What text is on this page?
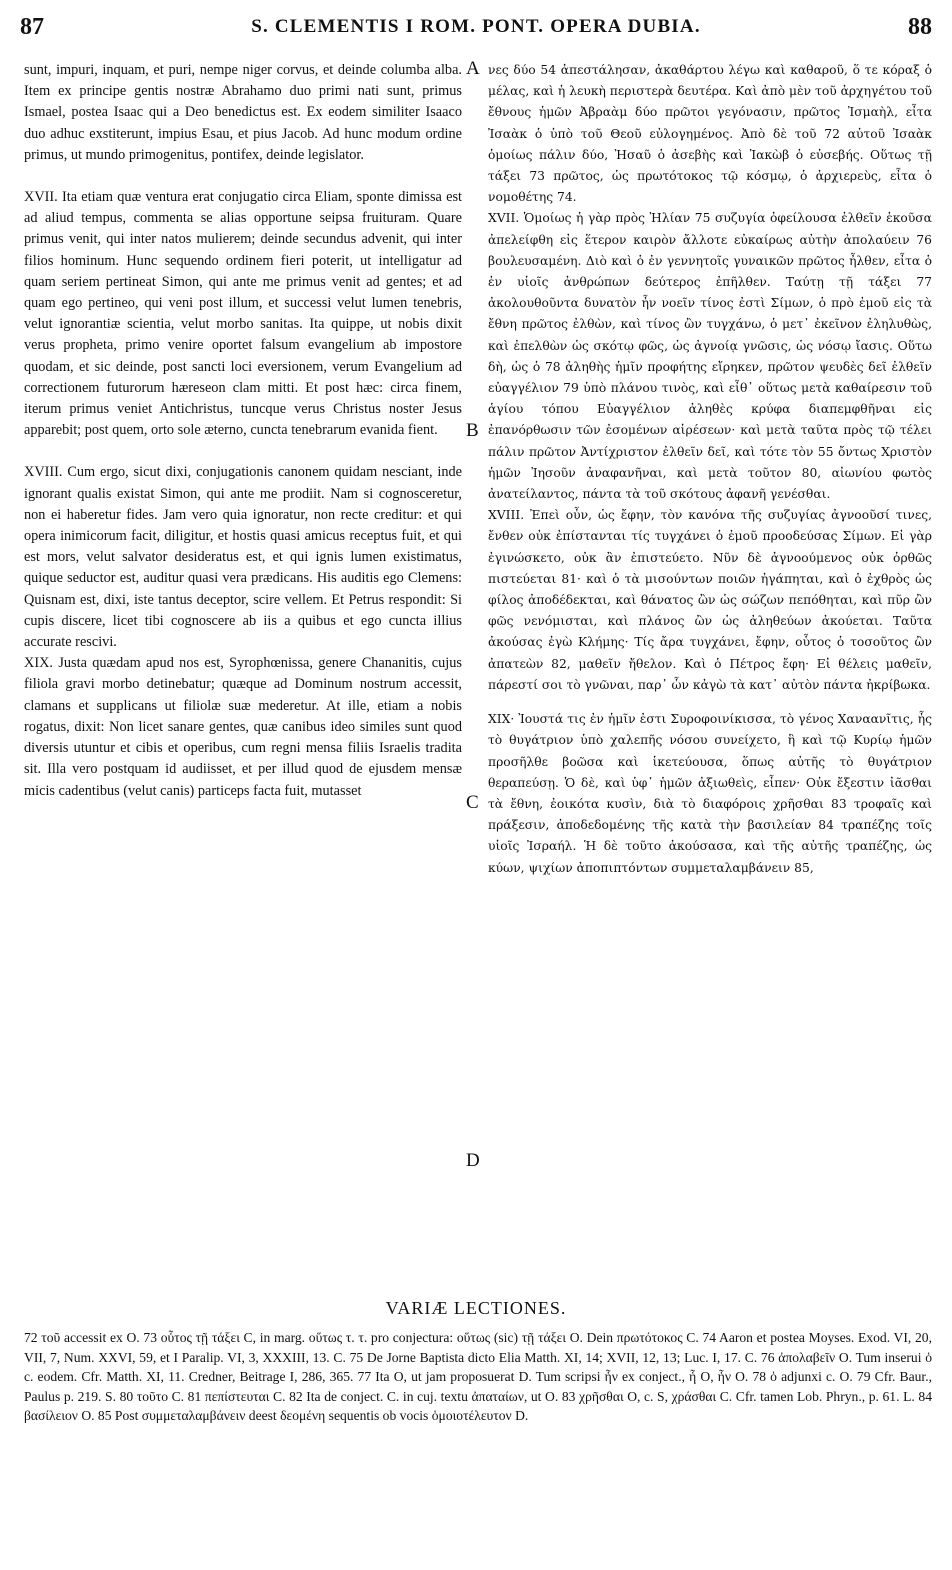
87	S. CLEMENTIS I ROM. PONT. OPERA DUBIA.	88

sunt, impuri, inquam, et puri, nempe niger corvus, et deinde columba alba. Item ex principe gentis nostræ Abrahamo duo primi nati sunt, primus Ismael, postea Isaac qui a Deo benedictus est. Ex eodem similiter Isaaco duo adhuc exstiterunt, impius Esau, et pius Jacob. Ad hunc modum ordine primus, ut mundo primogenitus, pontifex, deinde legislator.

XVII. Ita etiam quæ ventura erat conjugatio circa Eliam, sponte dimissa est ad aliud tempus, commenta se alias opportune seipsa fruituram. Quare primus venit, qui inter natos mulierem; deinde secundus advenit, qui inter filios hominum. Hunc sequendo ordinem fieri poterit, ut intelligatur ad quam seriem pertineat Simon, qui ante me primus venit ad gentes; et ad quam ego pertineo, qui veni post illum, et successi velut lumen tenebris, velut ignorantiæ scientia, velut morbo sanitas. Ita quippe, ut nobis dixit verus propheta, primo venire oportet falsum evangelium ab impostore quodam, et sic deinde, post sancti loci eversionem, verum Evangelium ad correctionem futurorum hæreseon clam mitti. Et post hæc: circa finem, iterum primus veniet Antichristus, tuncque verus Christus noster Jesus apparebit; post quem, orto sole æterno, cuncta tenebrarum evanida fient.

XVIII. Cum ergo, sicut dixi, conjugationis canonem quidam nesciant, inde ignorant qualis existat Simon, qui ante me prodiit. Nam si cognosceretur, non ei haberetur fides. Jam vero quia ignoratur, non recte creditur: et qui opera inimicorum facit, diligitur, et hostis quasi amicus receptus fuit, et qui est mors, velut salvator desideratus est, et qui ignis lumen existimatus, quique seductor est, auditur quasi vera prædicans. His auditis ego Clemens: Quisnam est, dixi, iste tantus deceptor, scire vellem. Et Petrus respondit: Si cupis discere, licet tibi cognoscere ab iis a quibus et ego cuncta illius accurate rescivi.

XIX. Justa quædam apud nos est, Syrophœnissa, genere Chananitis, cujus filiola gravi morbo detinebatur; quæque ad Dominum nostrum accessit, clamans et supplicans ut filiolæ suæ mederetur. At ille, etiam a nobis rogatus, dixit: Non licet sanare gentes, quæ canibus ideo similes sunt quod diversis utuntur et cibis et operibus, cum regni mensa filiis Israelis tradita sit. Illa vero postquam id audiisset, et per illud quod de ejusdem mensæ micis cadentibus (velut canis) particeps facta fuit, mutasset

A
B
C
D

νες δύο 54 ἀπεστάλησαν, ἀκαθάρτου λέγω καὶ καθαροῦ, ὅ τε κόραξ ὁ μέλας, καὶ ἡ λευκὴ περιστερὰ δευτέρα. Καὶ ἀπὸ μὲν τοῦ ἀρχηγέτου τοῦ ἔθνους ἡμῶν Ἀβραὰμ δύο πρῶτοι γεγόνασιν, πρῶτος Ἰσμαὴλ, εἶτα Ἰσαὰκ ὁ ὑπὸ τοῦ Θεοῦ εὐλογημένος. Ἀπὸ δὲ τοῦ 72 αὐτοῦ Ἰσαὰκ ὁμοίως πάλιν δύο, Ἠσαῦ ὁ ἀσεβὴς καὶ Ἰακὼβ ὁ εὐσεβής. Οὕτως τῇ τάξει 73 πρῶτος, ὡς πρωτότοκος τῷ κόσμῳ, ὁ ἀρχιερεὺς, εἶτα ὁ νομοθέτης 74.

XVII. Ὁμοίως ἡ γὰρ πρὸς Ἠλίαν 75 συζυγία ὀφείλουσα ἐλθεῖν ἑκοῦσα ἀπελείφθη εἰς ἕτερον καιρὸν ἄλλοτε εὐκαίρως αὐτὴν ἀπολαύειν 76 βουλευσαμένη. Διὸ καὶ ὁ ἐν γεννητοῖς γυναικῶν πρῶτος ἦλθεν, εἶτα ὁ ἐν υἱοῖς ἀνθρώπων δεύτερος ἐπῆλθεν. Ταύτῃ τῇ τάξει 77 ἀκολουθοῦντα δυνατὸν ἦν νοεῖν τίνος ἐστὶ Σίμων, ὁ πρὸ ἐμοῦ εἰς τὰ ἔθνη πρῶτος ἐλθὼν, καὶ τίνος ὢν τυγχάνω, ὁ μετ᾽ ἐκεῖνον ἐληλυθὼς, καὶ ἐπελθὼν ὡς σκότῳ φῶς, ὡς ἀγνοίᾳ γνῶσις, ὡς νόσῳ ἴασις. Οὕτω δὴ, ὡς ὁ 78 ἀληθὴς ἡμῖν προφήτης εἴρηκεν, πρῶτον ψευδὲς δεῖ ἐλθεῖν εὐαγγέλιον 79 ὑπὸ πλάνου τινὸς, καὶ εἶθ᾽ οὕτως μετὰ καθαίρεσιν τοῦ ἁγίου τόπου Εὐαγγέλιον ἀληθὲς κρύφα διαπεμφθῆναι εἰς ἐπανόρθωσιν τῶν ἐσομένων αἱρέσεων· καὶ μετὰ ταῦτα πρὸς τῷ τέλει πάλιν πρῶτον Ἀντίχριστον ἐλθεῖν δεῖ, καὶ τότε τὸν 55 ὄντως Χριστὸν ἡμῶν Ἰησοῦν ἀναφανῆναι, καὶ μετὰ τοῦτον 80, αἰωνίου φωτὸς ἀνατείλαντος, πάντα τὰ τοῦ σκότους ἀφανῆ γενέσθαι.

XVIII. Ἐπεὶ οὖν, ὡς ἔφην, τὸν κανόνα τῆς συζυγίας ἀγνοοῦσί τινες, ἔνθεν οὐκ ἐπίστανται τίς τυγχάνει ὁ ἐμοῦ προοδεύσας Σίμων. Εἰ γὰρ ἐγινώσκετο, οὐκ ἂν ἐπιστεύετο. Νῦν δὲ ἀγνοούμενος οὐκ ὀρθῶς πιστεύεται 81· καὶ ὁ τὰ μισούντων ποιῶν ἠγάπηται, καὶ ὁ ἐχθρὸς ὡς φίλος ἀποδέδεκται, καὶ θάνατος ὢν ὡς σώζων πεπόθηται, καὶ πῦρ ὢν φῶς νενόμισται, καὶ πλάνος ὢν ὡς ἀληθεύων ἀκούεται. Ταῦτα ἀκούσας ἐγὼ Κλήμης· Τίς ἄρα τυγχάνει, ἔφην, οὗτος ὁ τοσοῦτος ὢν ἀπατεὼν 82, μαθεῖν ἤθελον. Καὶ ὁ Πέτρος ἔφη· Εἰ θέλεις μαθεῖν, πάρεστί σοι τὸ γνῶναι, παρ᾽ ὧν κἀγὼ τὰ κατ᾽ αὐτὸν πάντα ἠκρίβωκα.

XIX· Ἰουστά τις ἐν ἡμῖν ἐστι Συροφοινίκισσα, τὸ γένος Χαναανῖτις, ἧς τὸ θυγάτριον ὑπὸ χαλεπῆς νόσου συνείχετο, ἣ καὶ τῷ Κυρίῳ ἡμῶν προσῆλθε βοῶσα καὶ ἱκετεύουσα, ὅπως αὐτῆς τὸ θυγάτριον θεραπεύσῃ. Ὁ δὲ, καὶ ὑφ᾽ ἡμῶν ἀξιωθεὶς, εἶπεν· Οὐκ ἔξεστιν ἰᾶσθαι τὰ ἔθνη, ἐοικότα κυσὶν, διὰ τὸ διαφόροις χρῆσθαι 83 τροφαῖς καὶ πράξεσιν, ἀποδεδομένης τῆς κατὰ τὴν βασιλείαν 84 τραπέζης τοῖς υἱοῖς Ἰσραήλ. Ἡ δὲ τοῦτο ἀκούσασα, καὶ τῆς αὐτῆς τραπέζης, ὡς κύων, ψιχίων ἀποπιπτόντων συμμεταλαμβάνειν 85,

VARIÆ LECTIONES.

72 τοῦ accessit ex O. 73 οὗτος τῇ τάξει C, in marg. οὕτως τ. τ. pro conjectura: οὕτως (sic) τῇ τάξει O. Dein πρωτότοκος C. 74 Aaron et postea Moyses. Exod. VI, 20, VII, 7, Num. XXVI, 59, et I Paralip. VI, 3, XXXIII, 13. C. 75 De Jorne Baptista dicto Elia Matth. XI, 14; XVII, 12, 13; Luc. I, 17. C. 76 ἀπολαβεῖν O. Tum inserui ὁ c. eodem. Cfr. Matth. XI, 11. Credner, Beitrage I, 286, 365. 77 Ita O, ut jam proposuerat D. Tum scripsi ἦν ex conject., ἦ O, ἦν O. 78 ὁ adjunxi c. O. 79 Cfr. Baur., Paulus p. 219. S. 80 τοῦτο C. 81 πεπίστευται C. 82 Ita de conject. C. in cuj. textu ἀπαταίων, ut O. 83 χρῆσθαι O, c. S, χράσθαι C. Cfr. tamen Lob. Phryn., p. 61. L. 84 βασίλειον O. 85 Post συμμεταλαμβάνειν deest δεομένη sequentis ob vocis ὁμοιοτέλευτον D.
